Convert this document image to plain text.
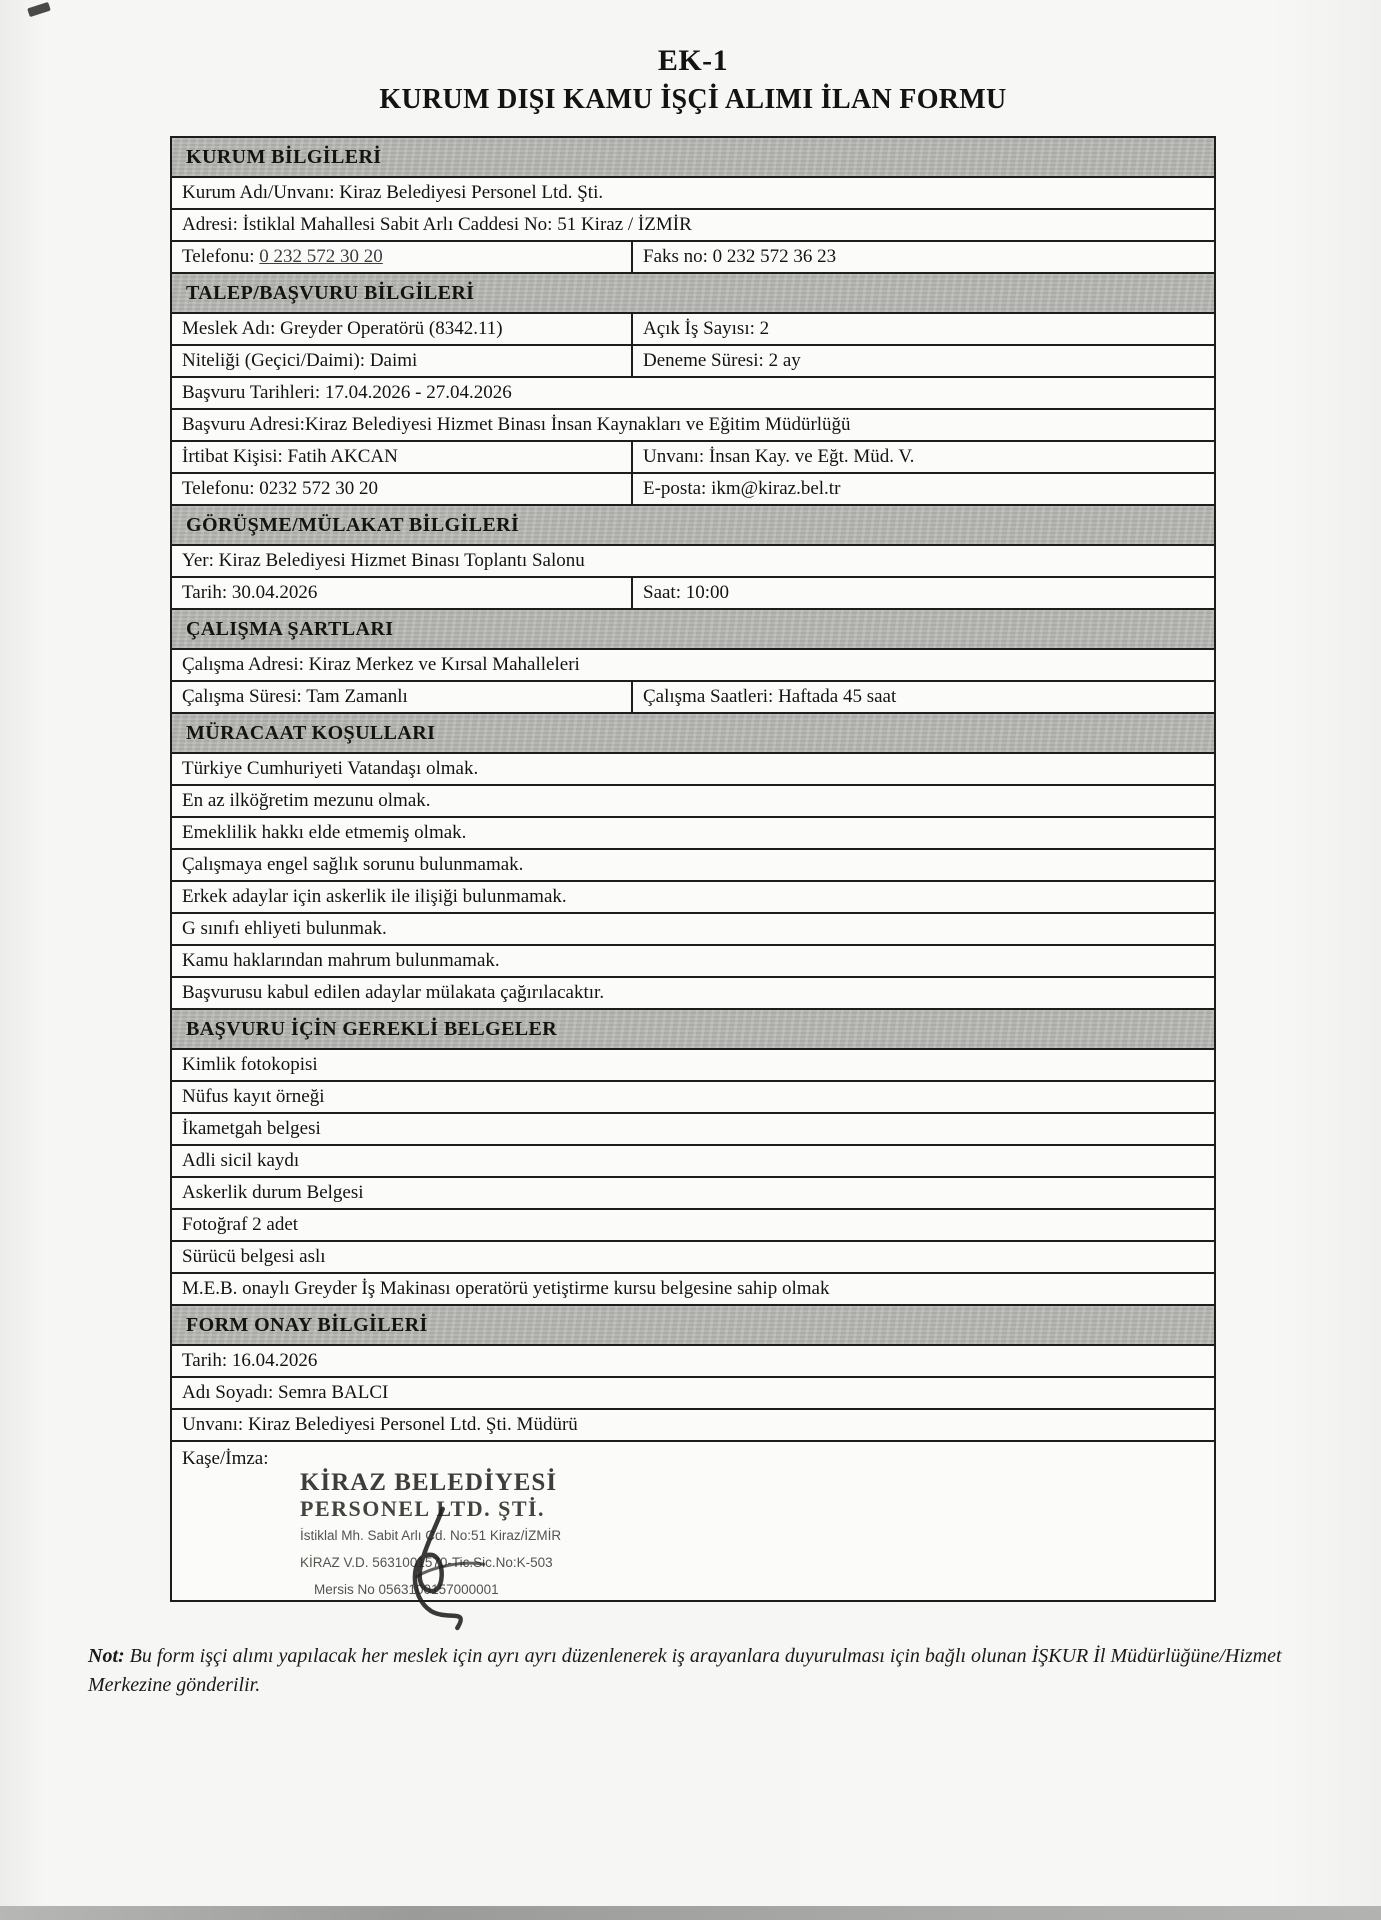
EK-1
KURUM DIŞI KAMU İŞÇİ ALIMI İLAN FORMU
KURUM BİLGİLERİ
Kurum Adı/Unvanı: Kiraz Belediyesi Personel Ltd. Şti.
Adresi: İstiklal Mahallesi Sabit Arlı Caddesi No: 51 Kiraz / İZMİR
Telefonu: 0 232 572 30 20	Faks no: 0 232 572 36 23
TALEP/BAŞVURU BİLGİLERİ
Meslek Adı: Greyder Operatörü (8342.11)	Açık İş Sayısı: 2
Niteliği (Geçici/Daimi): Daimi	Deneme Süresi: 2 ay
Başvuru Tarihleri: 17.04.2026 - 27.04.2026
Başvuru Adresi:Kiraz Belediyesi Hizmet Binası İnsan Kaynakları ve Eğitim Müdürlüğü
İrtibat Kişisi: Fatih AKCAN	Unvanı: İnsan Kay. ve Eğt. Müd. V.
Telefonu: 0232 572 30 20	E-posta: ikm@kiraz.bel.tr
GÖRÜŞME/MÜLAKAT BİLGİLERİ
Yer: Kiraz Belediyesi Hizmet Binası Toplantı Salonu
Tarih: 30.04.2026	Saat: 10:00
ÇALIŞMA ŞARTLARI
Çalışma Adresi: Kiraz Merkez ve Kırsal Mahalleleri
Çalışma Süresi: Tam Zamanlı	Çalışma Saatleri: Haftada 45 saat
MÜRACAAT KOŞULLARI
Türkiye Cumhuriyeti Vatandaşı olmak.
En az ilköğretim mezunu olmak.
Emeklilik hakkı elde etmemiş olmak.
Çalışmaya engel sağlık sorunu bulunmamak.
Erkek adaylar için askerlik ile ilişiği bulunmamak.
G sınıfı ehliyeti bulunmak.
Kamu haklarından mahrum bulunmamak.
Başvurusu kabul edilen adaylar mülakata çağırılacaktır.
BAŞVURU İÇİN GEREKLİ BELGELER
Kimlik fotokopisi
Nüfus kayıt örneği
İkametgah belgesi
Adli sicil kaydı
Askerlik durum Belgesi
Fotoğraf 2 adet
Sürücü belgesi aslı
M.E.B. onaylı Greyder İş Makinası operatörü yetiştirme kursu belgesine sahip olmak
FORM ONAY BİLGİLERİ
Tarih: 16.04.2026
Adı Soyadı: Semra BALCI
Unvanı: Kiraz Belediyesi Personel Ltd. Şti. Müdürü
Kaşe/İmza:
KİRAZ BELEDİYESİ
PERSONEL LTD. ŞTİ.
İstiklal Mh. Sabit Arlı Cd. No:51 Kiraz/İZMİR
KİRAZ V.D. 5631001570-Tic.Sic.No:K-503
Mersis No 0563100157000001
Not: Bu form işçi alımı yapılacak her meslek için ayrı ayrı düzenlenerek iş arayanlara duyurulması için bağlı olunan İŞKUR İl Müdürlüğüne/Hizmet Merkezine gönderilir.
